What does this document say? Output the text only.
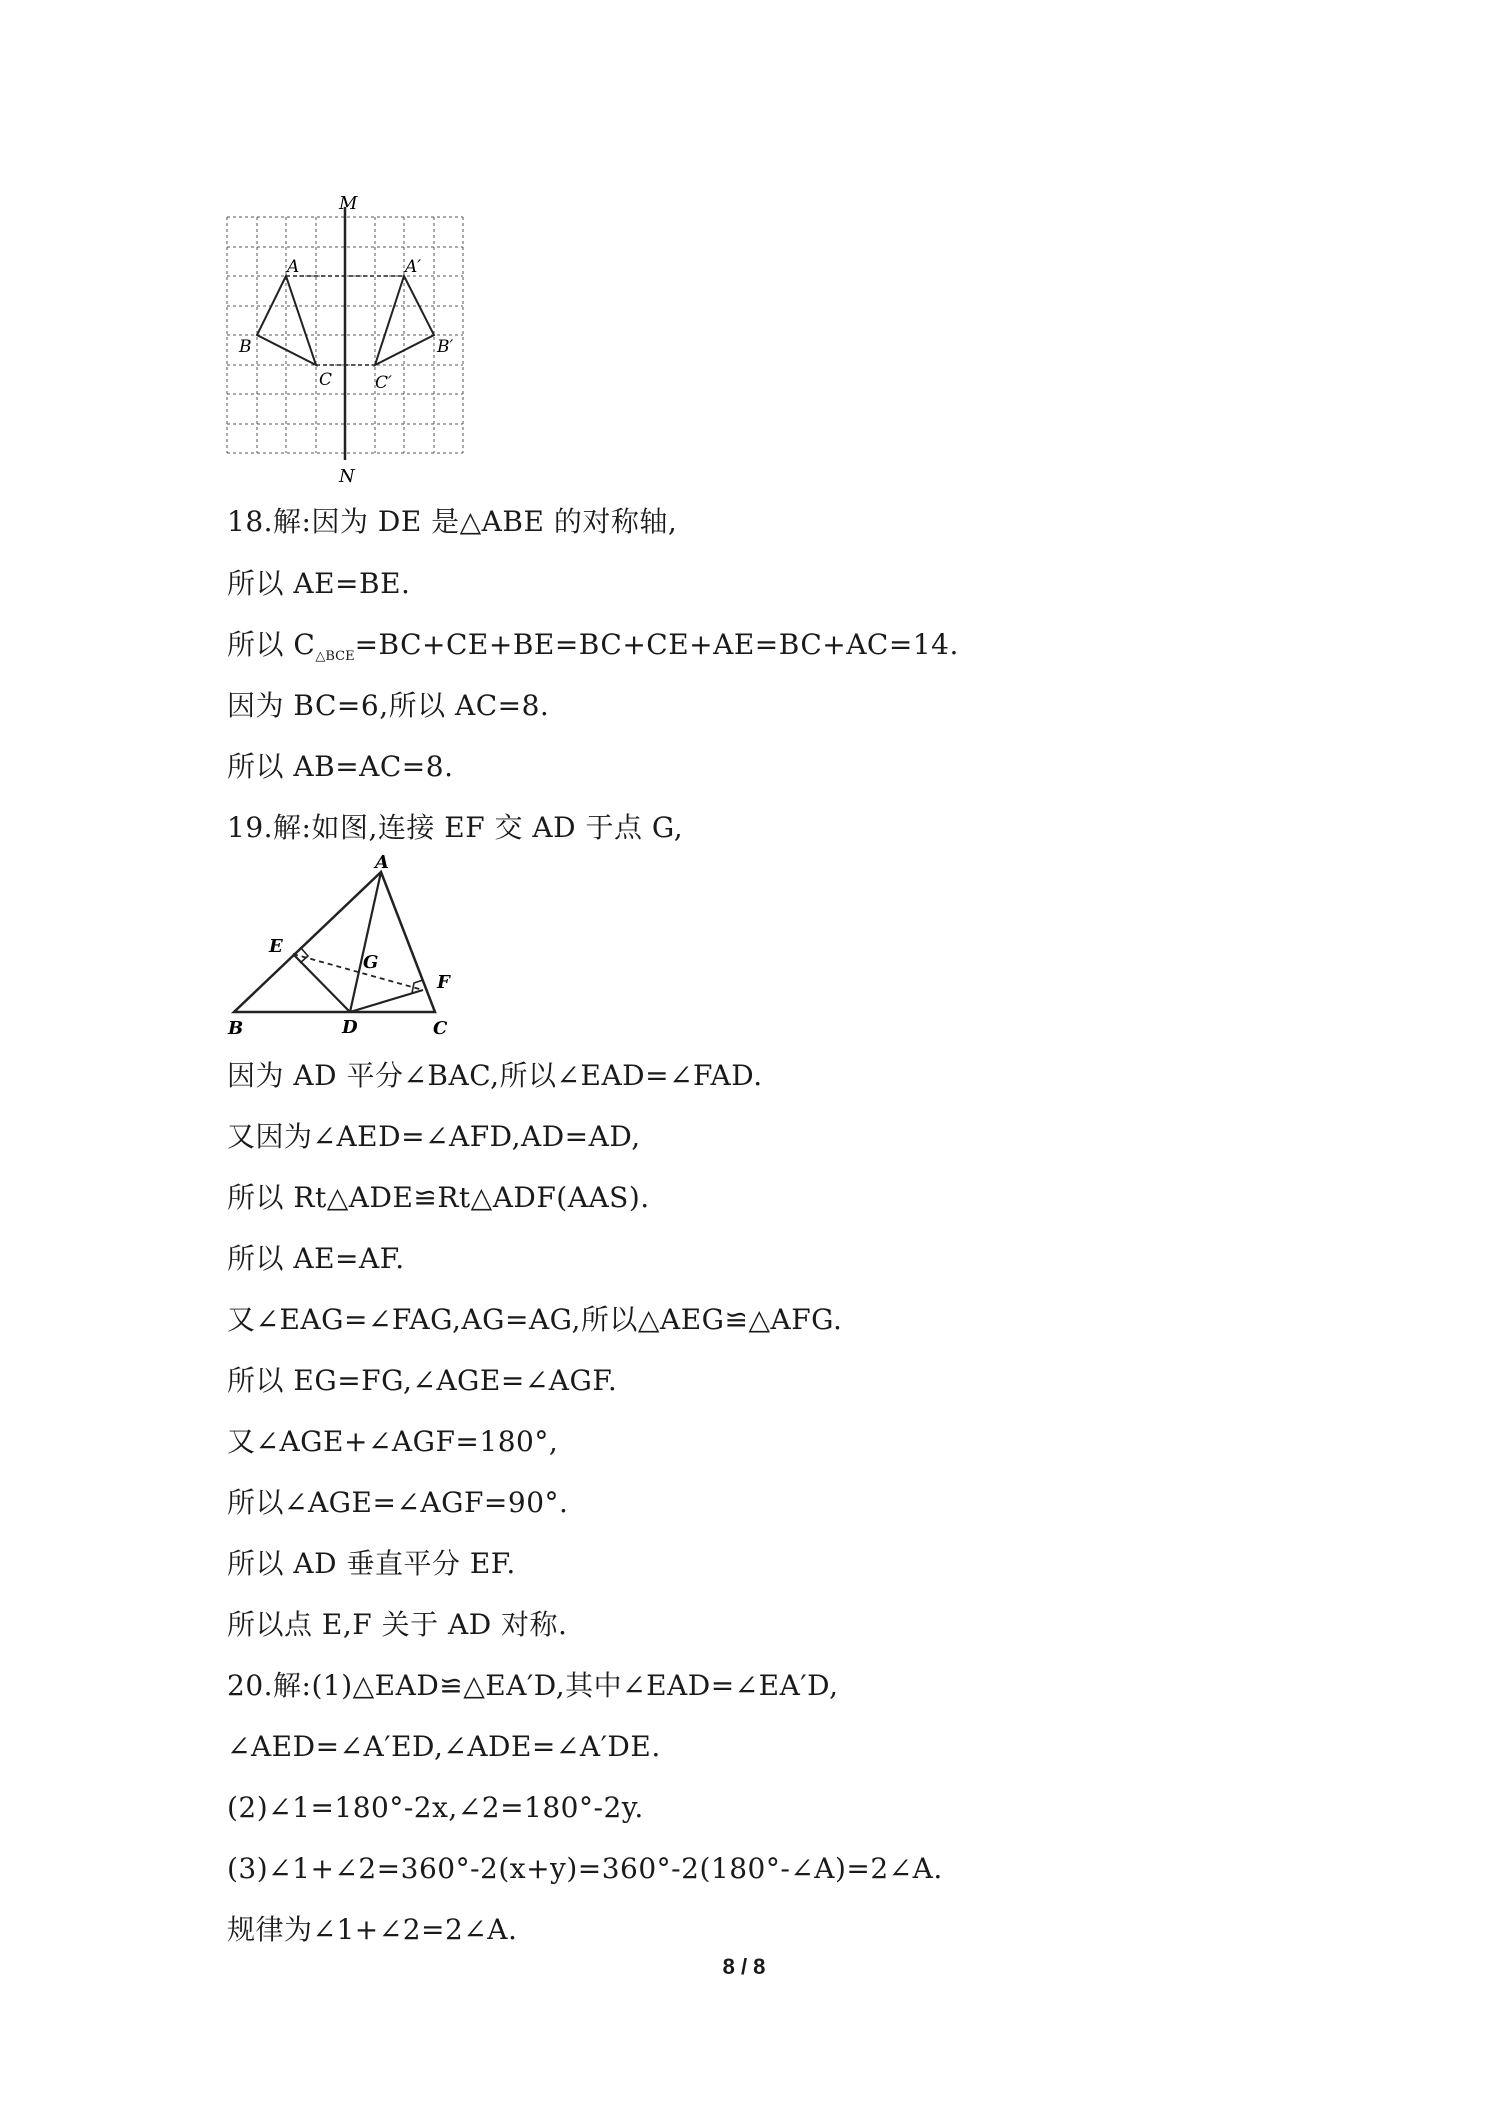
M
N
A
B
C
A′
B′
C′
18.解:因为 DE 是△ABE 的对称轴,
所以 AE=BE.
所以 $C_{\triangle BCE}=BC+CE+BE=BC+CE+AE=BC+AC=14$.
因为 BC=6,所以 AC=8.
所以 AB=AC=8.
19.解:如图,连接 EF 交 AD 于点 G,
A
B	C
D
E
F
G
因为 AD 平分∠BAC,所以∠EAD=∠FAD.
又因为∠AED=∠AFD,AD=AD,
所以 Rt△ADE≌Rt△ADF(AAS).
所以 AE=AF.
又∠EAG=∠FAG,AG=AG,所以△AEG≌△AFG.
所以 EG=FG,∠AGE=∠AGF.
又∠AGE+∠AGF=180°,
所以∠AGE=∠AGF=90°.
所以 AD 垂直平分 EF.
所以点 E,F 关于 AD 对称.
20.解:(1)△EAD≌△EA′D,其中∠EAD=∠EA′D,
∠AED=∠A′ED,∠ADE=∠A′DE.
(2)∠1=180°-2x,∠2=180°-2y.
(3)∠1+∠2=360°-2(x+y)=360°-2(180°-∠A)=2∠A.
规律为∠1+∠2=2∠A.
8 / 8
